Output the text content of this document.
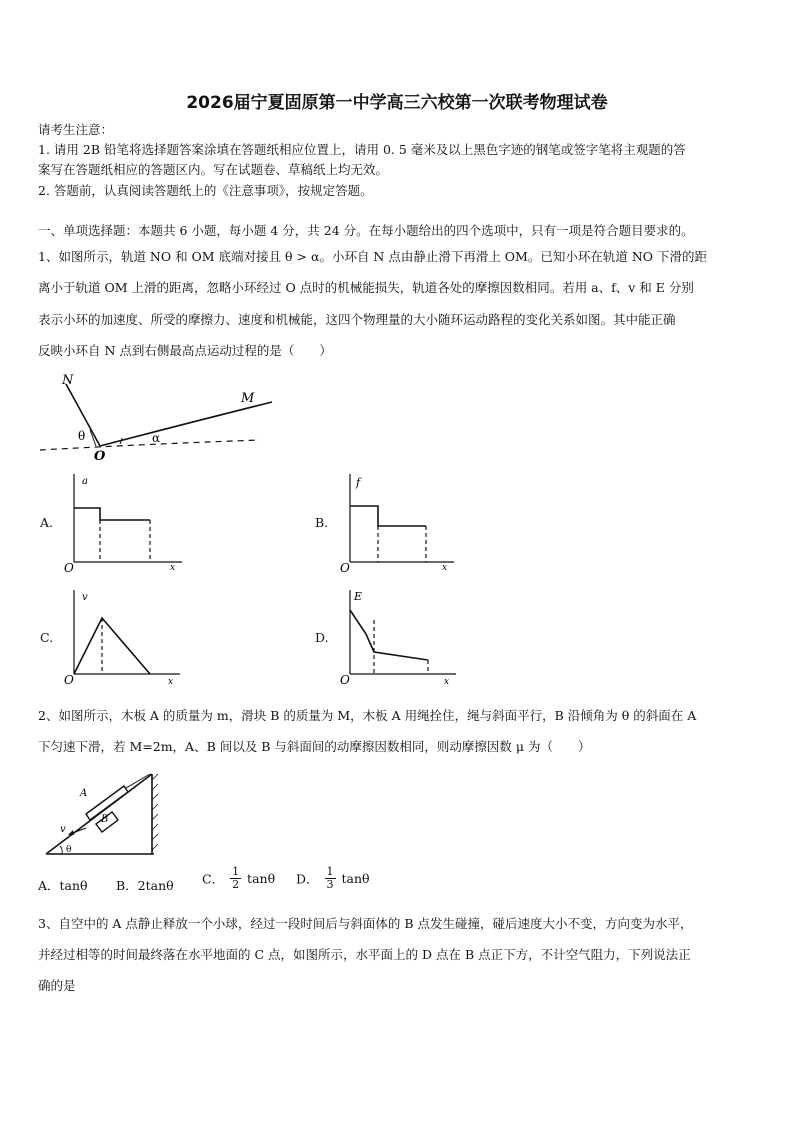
2026届宁夏固原第一中学高三六校第一次联考物理试卷
请考生注意：
1. 请用 2B 铅笔将选择题答案涂填在答题纸相应位置上，请用 0. 5 毫米及以上黑色字迹的钢笔或签字笔将主观题的答
案写在答题纸相应的答题区内。写在试题卷、草稿纸上均无效。
2. 答题前，认真阅读答题纸上的《注意事项》，按规定答题。
一、单项选择题：本题共 6 小题，每小题 4 分，共 24 分。在每小题给出的四个选项中，只有一项是符合题目要求的。
1、如图所示，轨道 NO 和 OM 底端对接且 θ > α。小环自 N 点由静止滑下再滑上 OM。已知小环在轨道 NO 下滑的距
离小于轨道 OM 上滑的距离，忽略小环经过 O 点时的机械能损失，轨道各处的摩擦因数相同。若用 a、f、v 和 E 分别
表示小环的加速度、所受的摩擦力、速度和机械能，这四个物理量的大小随环运动路程的变化关系如图。其中能正确
反映小环自 N 点到右侧最高点运动过程的是（　　）
N
M
O
θ	α
A.
a
x
O
B.
f
x
O
C.
v
x
O
D.
E
x
O
2、如图所示，木板 A 的质量为 m，滑块 B 的质量为 M，木板 A 用绳拴住，绳与斜面平行，B 沿倾角为 θ 的斜面在 A
下匀速下滑，若 M=2m，A、B 间以及 B 与斜面间的动摩擦因数相同，则动摩擦因数 μ 为（　　）
A
B
v
θ
A．tanθ B．2tanθ C． $\frac{1}{2}$ tanθ D． $\frac{1}{3}$ tanθ
3、自空中的 A 点静止释放一个小球，经过一段时间后与斜面体的 B 点发生碰撞，碰后速度大小不变，方向变为水平，
并经过相等的时间最终落在水平地面的 C 点，如图所示，水平面上的 D 点在 B 点正下方，不计空气阻力，下列说法正
确的是
